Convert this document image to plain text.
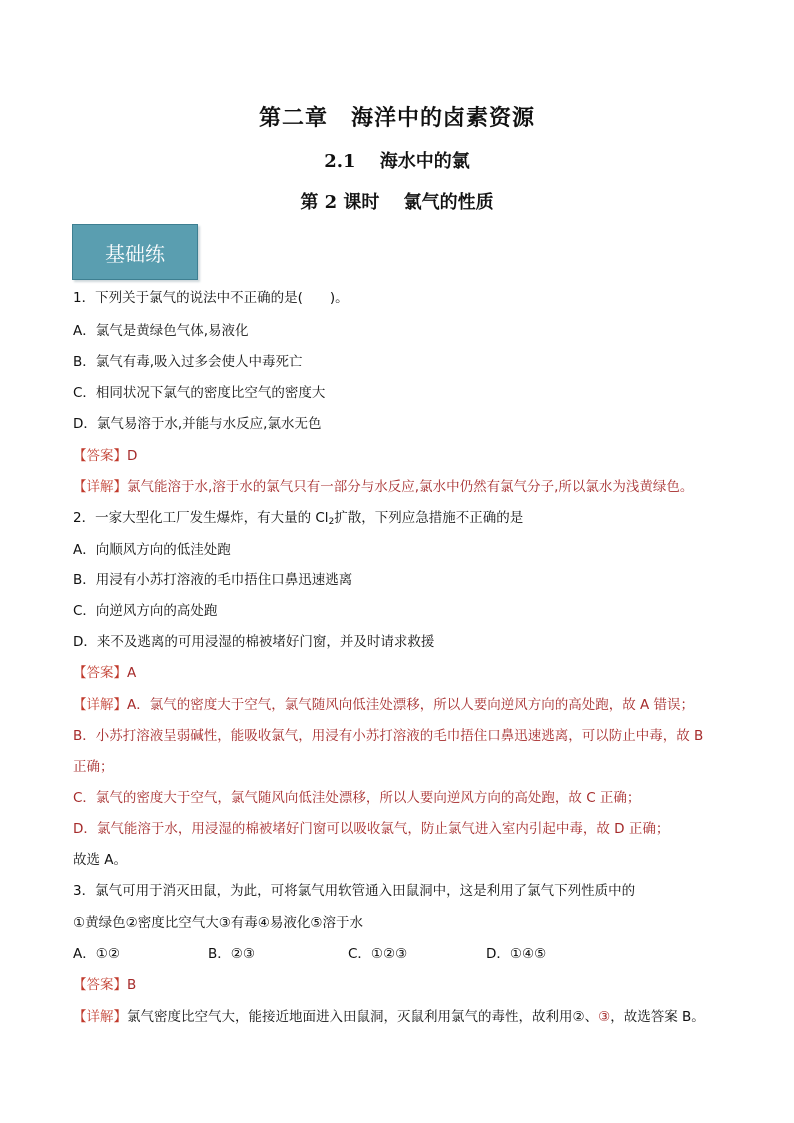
第二章　海洋中的卤素资源
2.1　 海水中的氯
第 2 课时　 氯气的性质
基础练
1．下列关于氯气的说法中不正确的是(　　)。
A．氯气是黄绿色气体,易液化
B．氯气有毒,吸入过多会使人中毒死亡
C．相同状况下氯气的密度比空气的密度大
D．氯气易溶于水,并能与水反应,氯水无色
【答案】D
【详解】氯气能溶于水,溶于水的氯气只有一部分与水反应,氯水中仍然有氯气分子,所以氯水为浅黄绿色。
2．一家大型化工厂发生爆炸，有大量的 $Cl_2$扩散，下列应急措施不正确的是
A．向顺风方向的低洼处跑
B．用浸有小苏打溶液的毛巾捂住口鼻迅速逃离
C．向逆风方向的高处跑
D．来不及逃离的可用浸湿的棉被堵好门窗，并及时请求救援
【答案】A
【详解】A．氯气的密度大于空气，氯气随风向低洼处漂移，所以人要向逆风方向的高处跑，故 A 错误；
B．小苏打溶液呈弱碱性，能吸收氯气，用浸有小苏打溶液的毛巾捂住口鼻迅速逃离，可以防止中毒，故 B
正确；
C．氯气的密度大于空气，氯气随风向低洼处漂移，所以人要向逆风方向的高处跑，故 C 正确；
D．氯气能溶于水，用浸湿的棉被堵好门窗可以吸收氯气，防止氯气进入室内引起中毒，故 D 正确；
故选 A。
3．氯气可用于消灭田鼠，为此，可将氯气用软管通入田鼠洞中，这是利用了氯气下列性质中的
①黄绿色②密度比空气大③有毒④易液化⑤溶于水
A．①②	B．②③	C．①②③	D．①④⑤
【答案】B
【详解】氯气密度比空气大，能接近地面进入田鼠洞，灭鼠利用氯气的毒性，故利用②、③，故选答案 B。
